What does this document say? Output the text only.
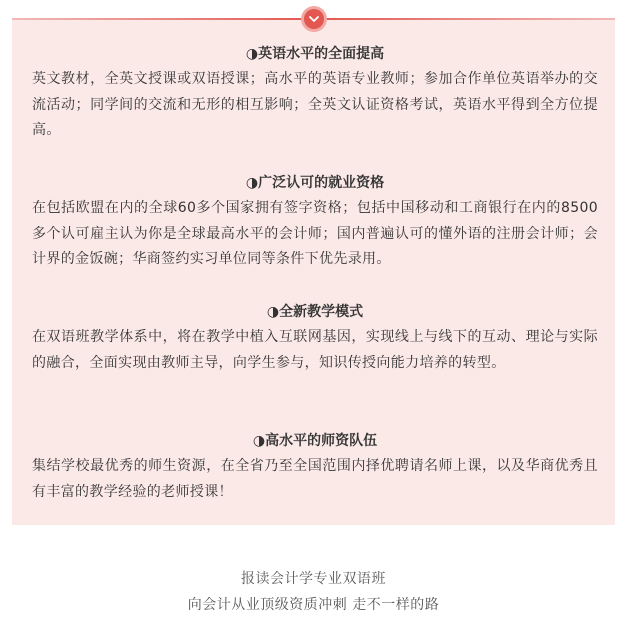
◑英语水平的全面提高
英文教材，全英文授课或双语授课；高水平的英语专业教师；参加合作单位英语举办的交流活动；同学间的交流和无形的相互影响；全英文认证资格考试，英语水平得到全方位提高。
◑广泛认可的就业资格
在包括欧盟在内的全球60多个国家拥有签字资格；包括中国移动和工商银行在内的8500多个认可雇主认为你是全球最高水平的会计师；国内普遍认可的懂外语的注册会计师；会计界的金饭碗；华商签约实习单位同等条件下优先录用。
◑全新教学模式
在双语班教学体系中，将在教学中植入互联网基因，实现线上与线下的互动、理论与实际的融合，全面实现由教师主导，向学生参与，知识传授向能力培养的转型。
◑高水平的师资队伍
集结学校最优秀的师生资源，在全省乃至全国范围内择优聘请名师上课，以及华商优秀且有丰富的教学经验的老师授课！
报读会计学专业双语班
向会计从业顶级资质冲刺 走不一样的路
